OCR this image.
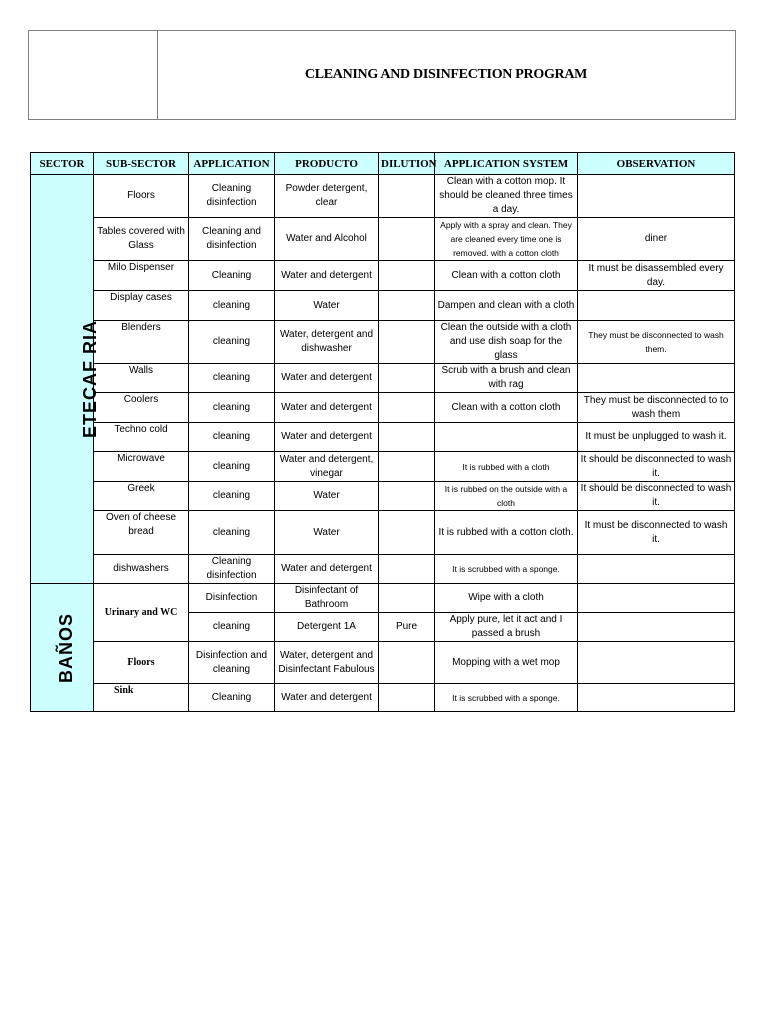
CLEANING AND DISINFECTION PROGRAM
SECTOR	SUB-SECTOR	APPLICATION	PRODUCTO	DILUTION	APPLICATION SYSTEM	OBSERVATION
ETECAF RIA	Floors	Cleaning disinfection	Powder detergent, clear		Clean with a cotton mop. It should be cleaned three times a day.	
	Tables covered with Glass	Cleaning and disinfection	Water and Alcohol		Apply with a spray and clean. They are cleaned every time one is removed. with a cotton cloth	diner
	Milo Dispenser	Cleaning	Water and detergent		Clean with a cotton cloth	It must be disassembled every day.
	Display cases	cleaning	Water		Dampen and clean with a cloth	
	Blenders	cleaning	Water, detergent and dishwasher		Clean the outside with a cloth and use dish soap for the glass	They must be disconnected to wash them.
	Walls	cleaning	Water and detergent		Scrub with a brush and clean with rag	
	Coolers	cleaning	Water and detergent		Clean with a cotton cloth	They must be disconnected to to wash them
	Techno cold	cleaning	Water and detergent			It must be unplugged to wash it.
	Microwave	cleaning	Water and detergent, vinegar		It is rubbed with a cloth	It should be disconnected to wash it.
	Greek	cleaning	Water		It is rubbed on the outside with a cloth	It should be disconnected to wash it.
	Oven of cheese bread	cleaning	Water		It is rubbed with a cotton cloth.	It must be disconnected to wash it.
	dishwashers	Cleaning disinfection	Water and detergent		It is scrubbed with a sponge.	
BAÑOS	Urinary and WC	Disinfection	Disinfectant of Bathroom		Wipe with a cloth	
		cleaning	Detergent 1A	Pure	Apply pure, let it act and I passed a brush	
	Floors	Disinfection and cleaning	Water, detergent and Disinfectant Fabulous		Mopping with a wet mop	
	Sink	Cleaning	Water and detergent		It is scrubbed with a sponge.	
